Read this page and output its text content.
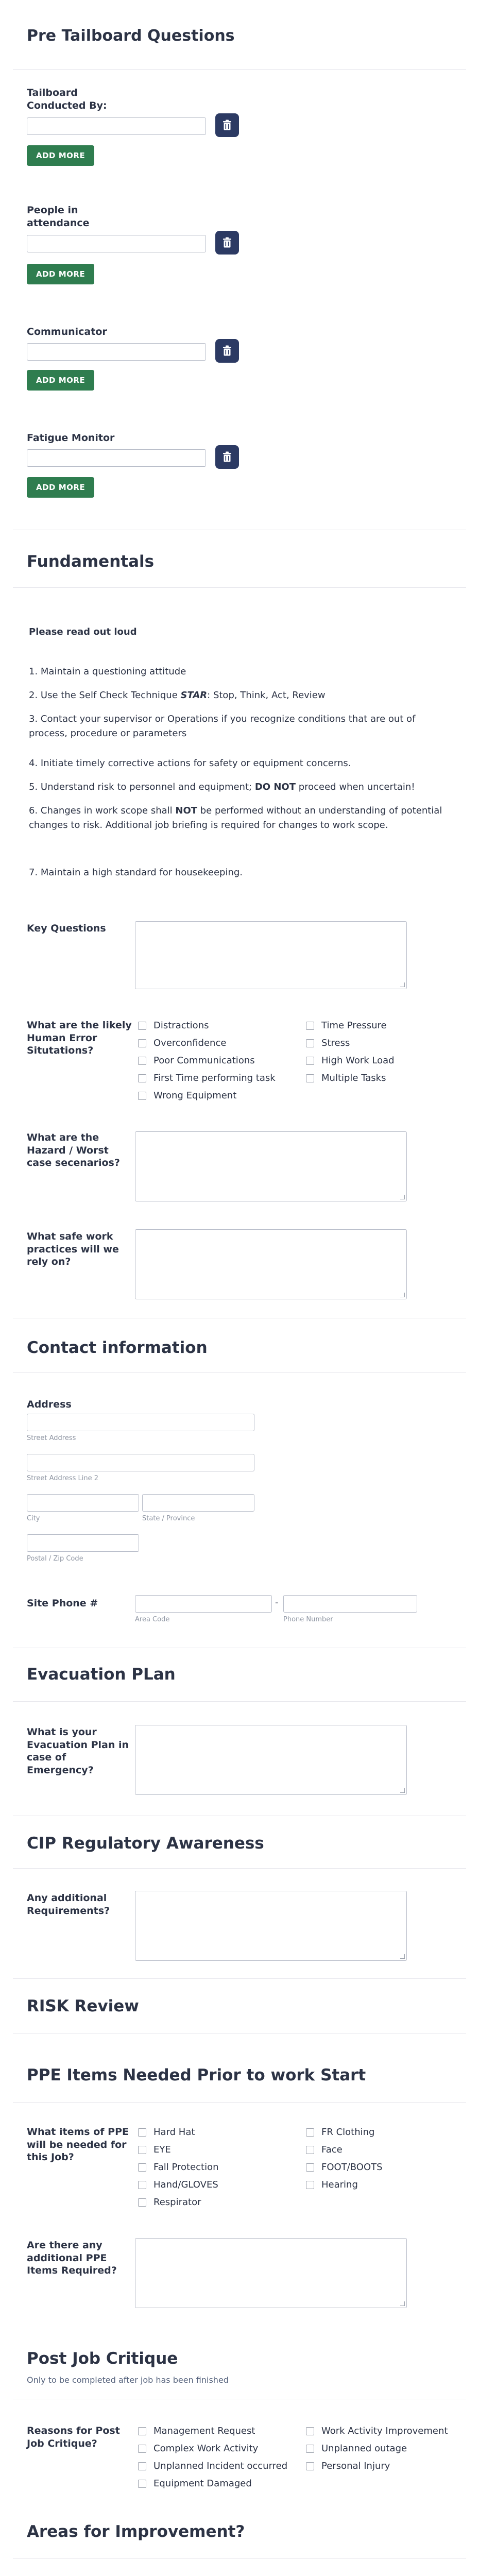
Pre Tailboard Questions
Tailboard Conducted By:
ADD MORE
People in attendance
ADD MORE
Communicator
ADD MORE
Fatigue Monitor
ADD MORE
Fundamentals
Please read out loud
1. Maintain a questioning attitude
2. Use the Self Check Technique STAR: Stop, Think, Act, Review
3. Contact your supervisor or Operations if you recognize conditions that are out of process, procedure or parameters
4. Initiate timely corrective actions for safety or equipment concerns.
5. Understand risk to personnel and equipment; DO NOT proceed when uncertain!
6. Changes in work scope shall NOT be performed without an understanding of potential changes to risk. Additional job briefing is required for changes to work scope.
7. Maintain a high standard for housekeeping.
Key Questions
What are the likely Human Error Situtations?
Distractions
Overconfidence
Poor Communications
First Time performing task
Wrong Equipment
Time Pressure
Stress
High Work Load
Multiple Tasks
What are the Hazard / Worst case secenarios?
What safe work practices will we rely on?
Contact information
Address
Street Address
Street Address Line 2
City	State / Province
Postal / Zip Code
Site Phone #
Area Code
-
Phone Number
Evacuation PLan
What is your Evacuation Plan in case of Emergency?
CIP Regulatory Awareness
Any additional Requirements?
RISK Review
PPE Items Needed Prior to work Start
What items of PPE will be needed for this Job?
Hard Hat
EYE
Fall Protection
Hand/GLOVES
Respirator
FR Clothing
Face
FOOT/BOOTS
Hearing
Are there any additional PPE Items Required?
Post Job Critique
Only to be completed after job has been finished
Reasons for Post Job Critique?
Management Request
Complex Work Activity
Unplanned Incident occurred
Equipment Damaged
Work Activity Improvement
Unplanned outage
Personal Injury
Areas for Improvement?
